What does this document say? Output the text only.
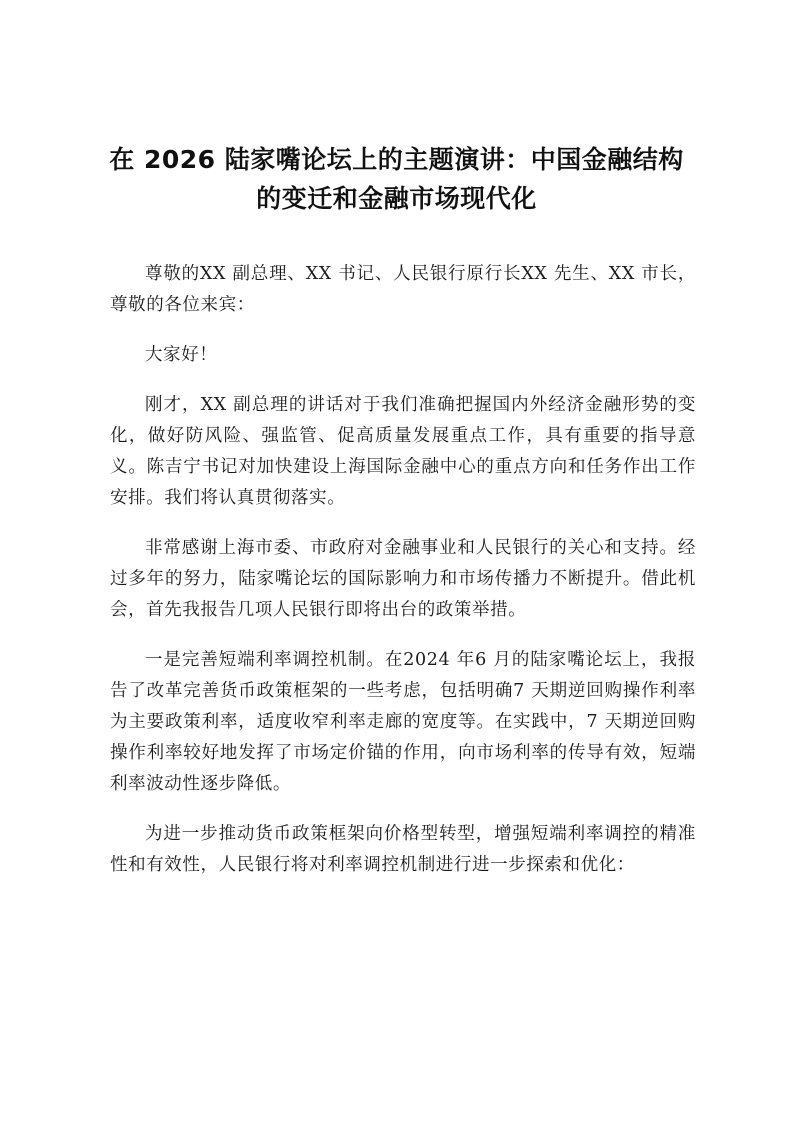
在 2026 陆家嘴论坛上的主题演讲：中国金融结构的变迁和金融市场现代化

尊敬的XX 副总理、XX 书记、人民银行原行长XX 先生、XX 市长，尊敬的各位来宾：

大家好！

刚才，XX 副总理的讲话对于我们准确把握国内外经济金融形势的变化，做好防风险、强监管、促高质量发展重点工作，具有重要的指导意义。陈吉宁书记对加快建设上海国际金融中心的重点方向和任务作出工作安排。我们将认真贯彻落实。

非常感谢上海市委、市政府对金融事业和人民银行的关心和支持。经过多年的努力，陆家嘴论坛的国际影响力和市场传播力不断提升。借此机会，首先我报告几项人民银行即将出台的政策举措。

一是完善短端利率调控机制。在2024 年6 月的陆家嘴论坛上，我报告了改革完善货币政策框架的一些考虑，包括明确7 天期逆回购操作利率为主要政策利率，适度收窄利率走廊的宽度等。在实践中，7 天期逆回购操作利率较好地发挥了市场定价锚的作用，向市场利率的传导有效，短端利率波动性逐步降低。

为进一步推动货币政策框架向价格型转型，增强短端利率调控的精准性和有效性，人民银行将对利率调控机制进行进一步探索和优化：
